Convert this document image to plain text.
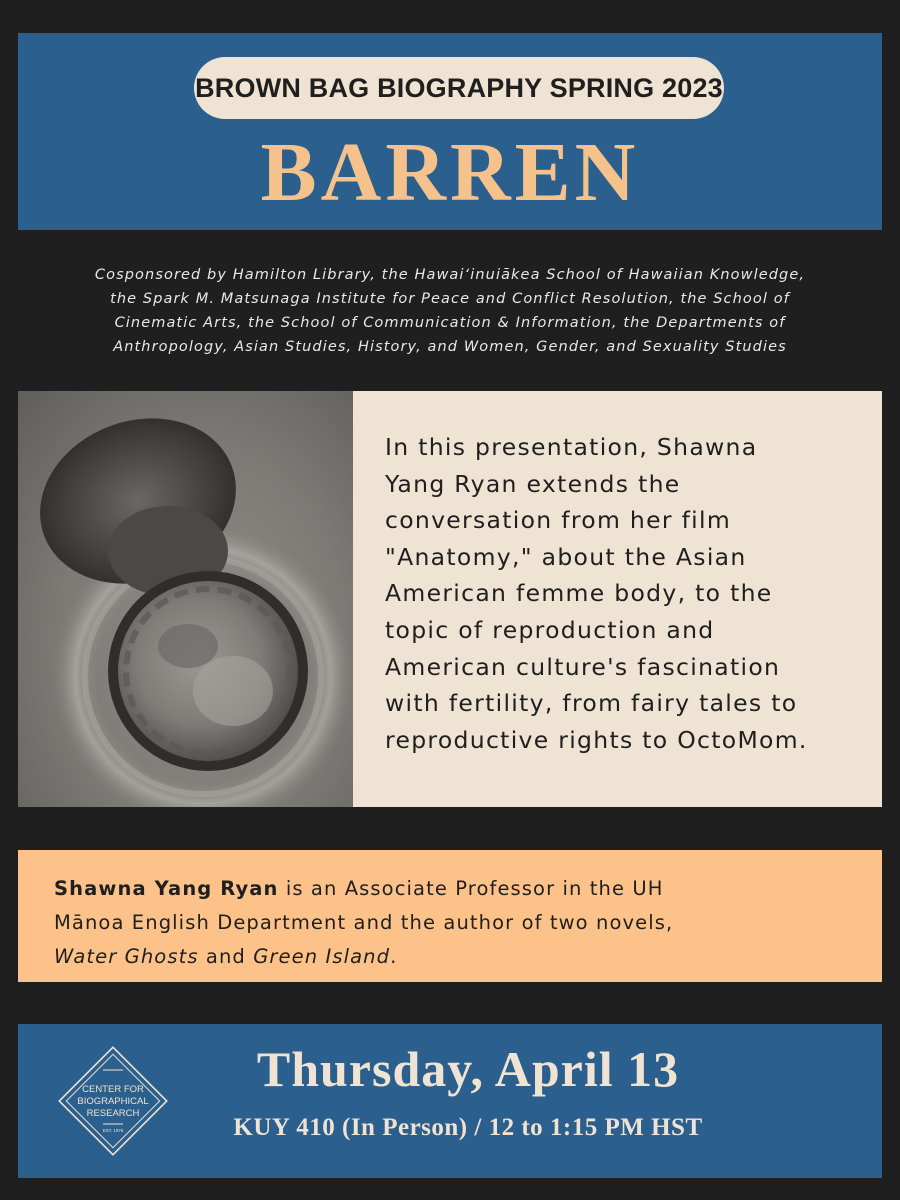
BROWN BAG BIOGRAPHY SPRING 2023
BARREN
Cosponsored by Hamilton Library, the Hawaiʻinuiākea School of Hawaiian Knowledge,
the Spark M. Matsunaga Institute for Peace and Conflict Resolution, the School of
Cinematic Arts, the School of Communication & Information, the Departments of
Anthropology, Asian Studies, History, and Women, Gender, and Sexuality Studies
In this presentation, Shawna
Yang Ryan extends the
conversation from her film
"Anatomy," about the Asian
American femme body, to the
topic of reproduction and
American culture's fascination
with fertility, from fairy tales to
reproductive rights to OctoMom.
Shawna Yang Ryan is an Associate Professor in the UH
Mānoa English Department and the author of two novels,
Water Ghosts and Green Island.
CENTER FOR
BIOGRAPHICAL
RESEARCH
EST. 1976
Thursday, April 13
KUY 410 (In Person) / 12 to 1:15 PM HST
